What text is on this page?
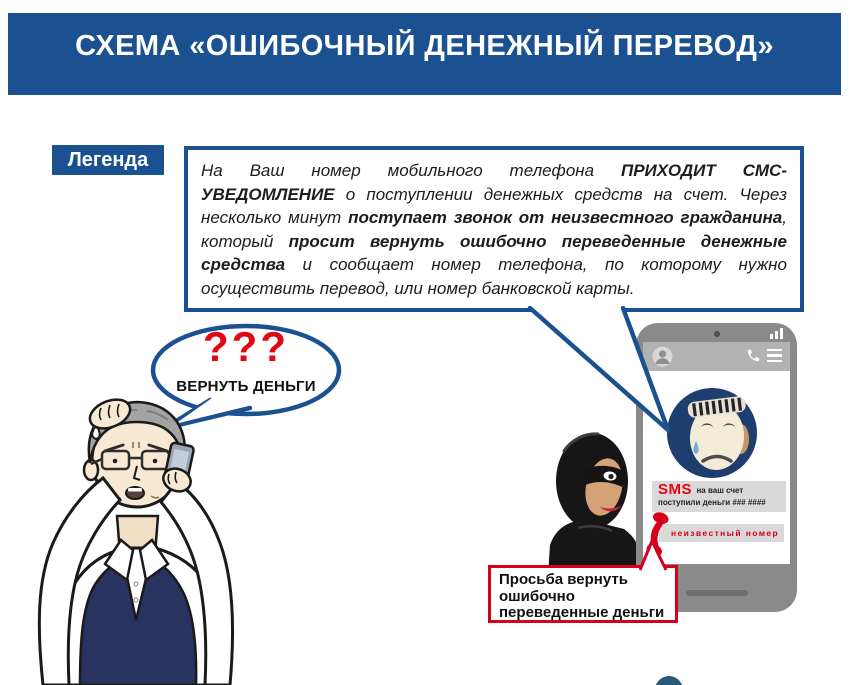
СХЕМА «ОШИБОЧНЫЙ ДЕНЕЖНЫЙ ПЕРЕВОД»
Легенда	На Ваш номер мобильного телефона ПРИХОДИТ СМС-УВЕДОМЛЕНИЕ о поступлении денежных средств на счет. Через несколько минут поступает звонок от неизвестного гражданина, который просит вернуть ошибочно переведенные денежные средства и сообщает номер телефона, по которому нужно осуществить перевод, или номер банковской карты.
???
ВЕРНУТЬ ДЕНЬГИ
SMS на ваш счет поступили деньги ### ####
неизвестный номер
Просьба вернуть
ошибочно
переведенные деньги
